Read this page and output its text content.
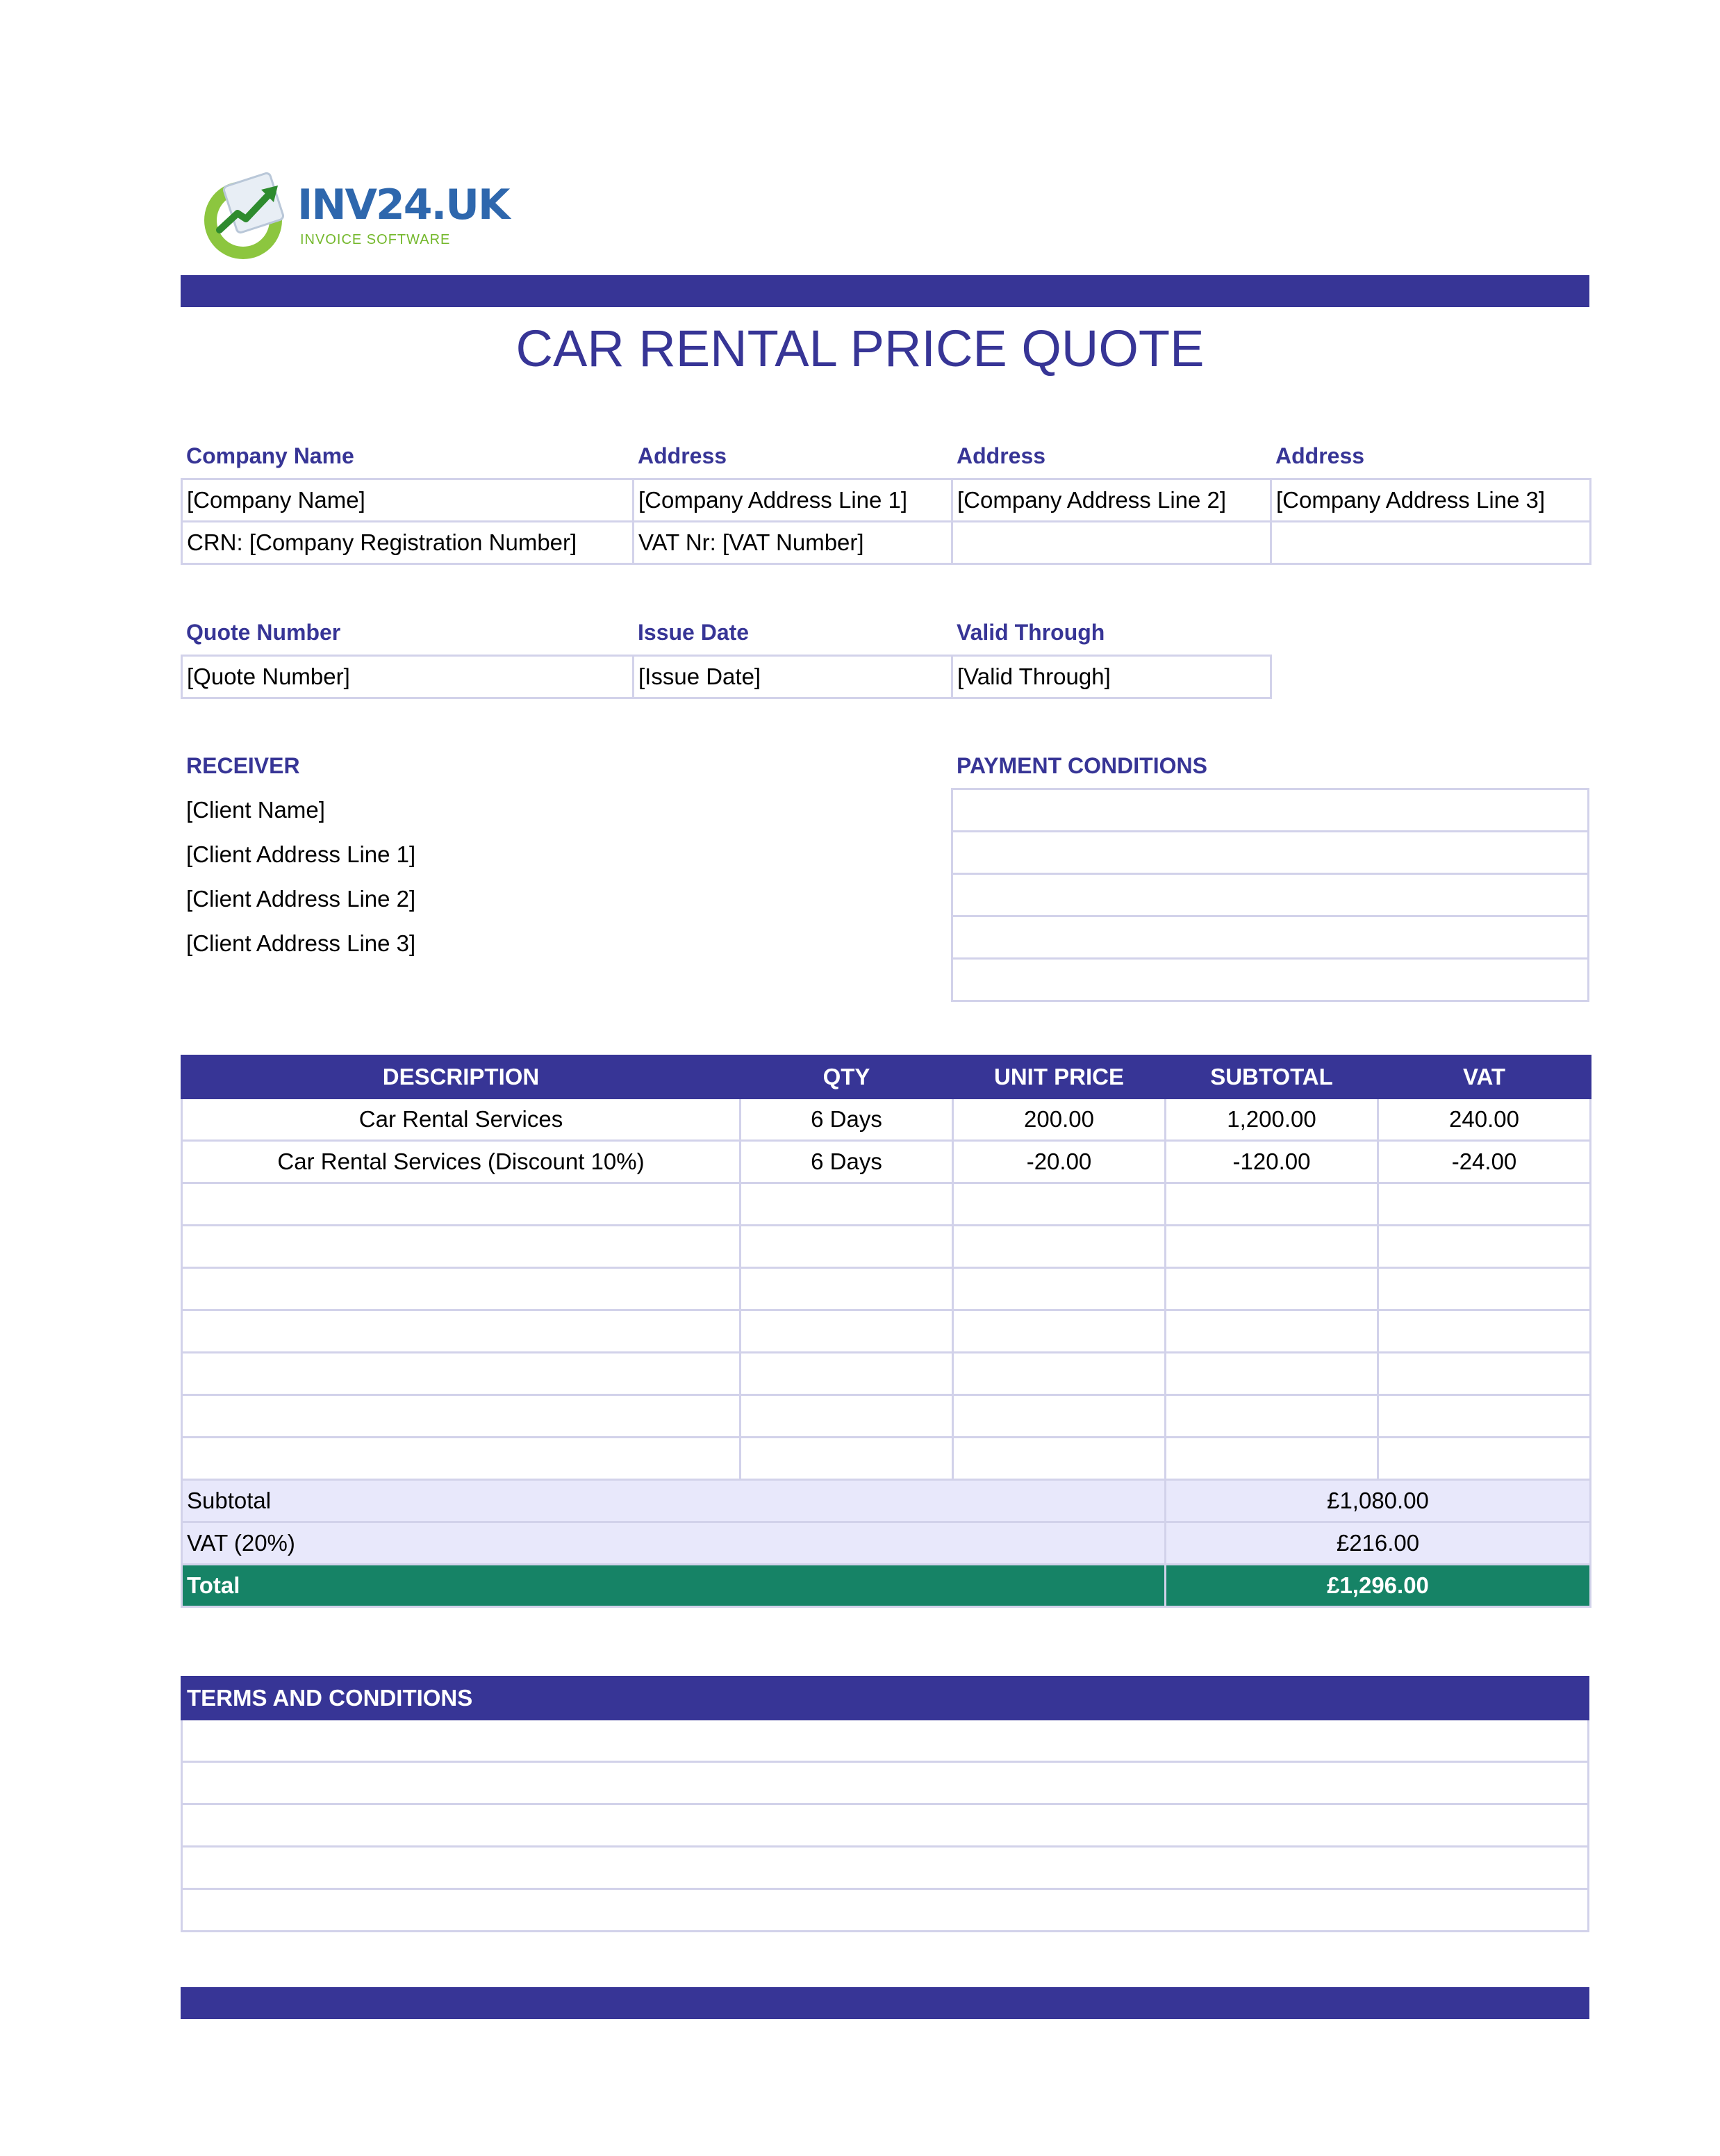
INV24.UK
INVOICE SOFTWARE
CAR RENTAL PRICE QUOTE
Company Name	Address	Address	Address
[Company Name]	[Company Address Line 1]	[Company Address Line 2]	[Company Address Line 3]
CRN: [Company Registration Number]	VAT Nr: [VAT Number]		
Quote Number	Issue Date	Valid Through
[Quote Number]	[Issue Date]	[Valid Through]
RECEIVER
[Client Name]
[Client Address Line 1]
[Client Address Line 2]
[Client Address Line 3]
PAYMENT CONDITIONS

DESCRIPTION	QTY	UNIT PRICE	SUBTOTAL	VAT
Car Rental Services	6 Days	200.00	1,200.00	240.00
Car Rental Services (Discount 10%)	6 Days	-20.00	-120.00	-24.00

Subtotal			£1,080.00	
VAT (20%)			£216.00	
Total			£1,296.00	
TERMS AND CONDITIONS
